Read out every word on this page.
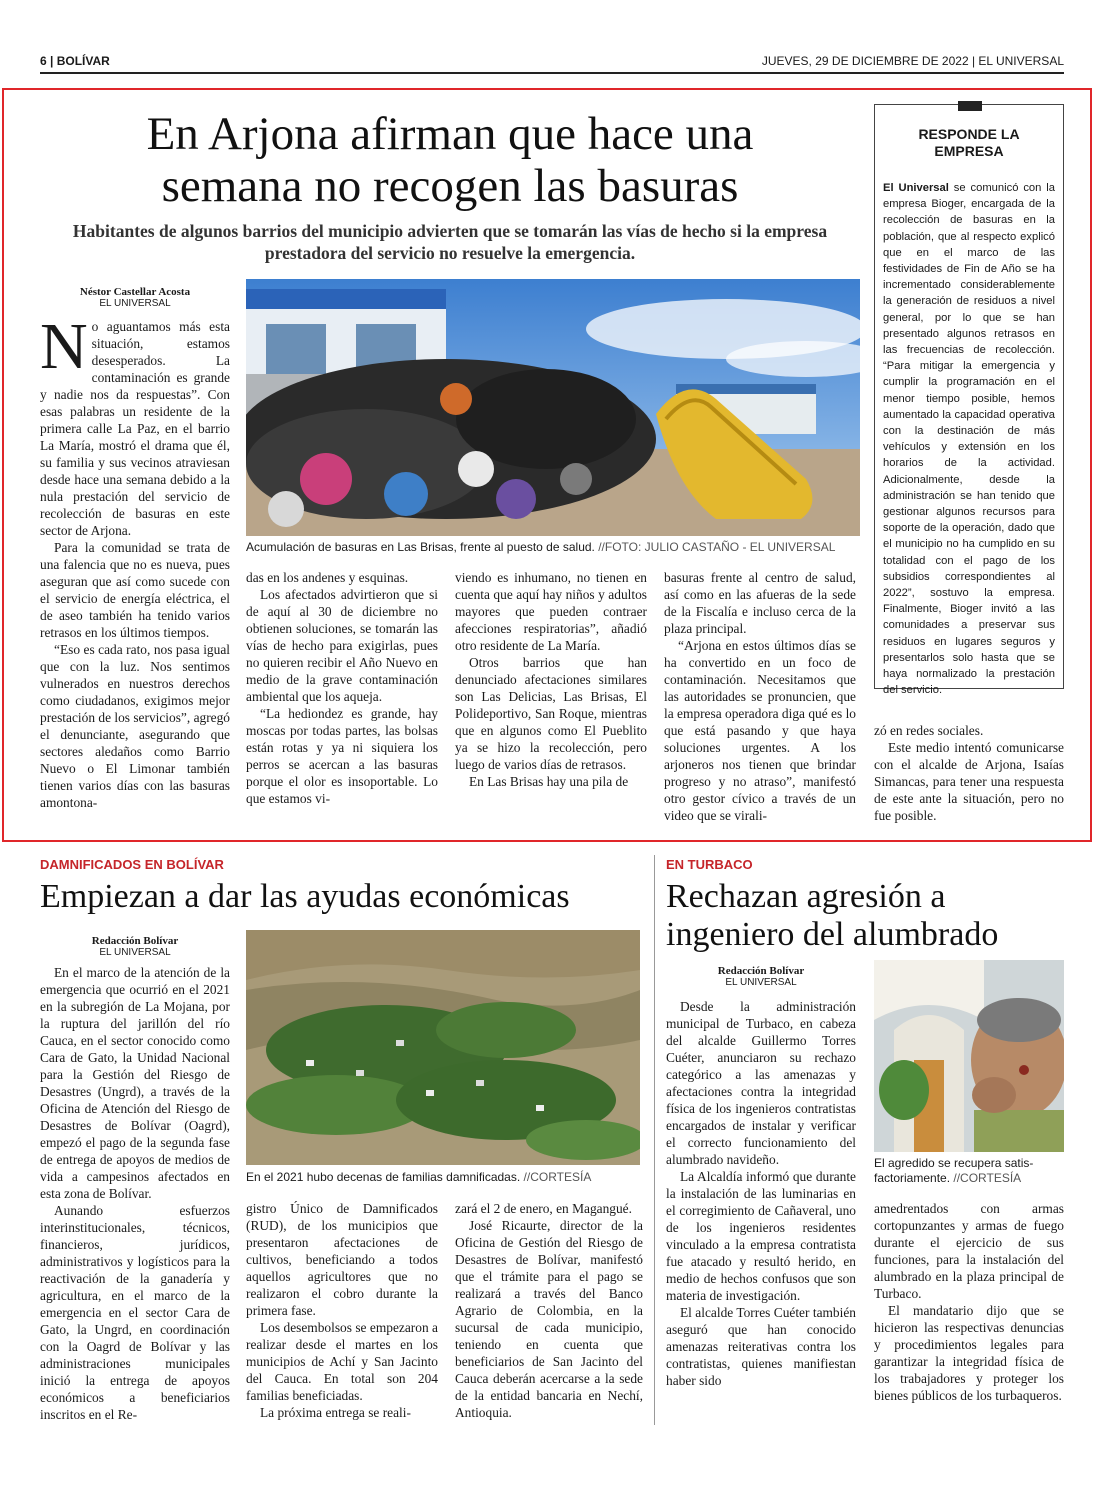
6 | BOLÍVAR	JUEVES, 29 DE DICIEMBRE DE 2022 | EL UNIVERSAL
En Arjona afirman que hace una
semana no recogen las basuras
Habitantes de algunos barrios del municipio advierten que se tomarán las vías de hecho si la empresa prestadora del servicio no resuelve la emergencia.
Néstor Castellar Acosta
EL UNIVERSAL
N o aguantamos más esta situación, estamos desesperados. La contaminación es grande y nadie nos da respuestas”. Con esas palabras un residente de la primera calle La Paz, en el barrio La María, mostró el drama que él, su familia y sus vecinos atraviesan desde hace una semana debido a la nula prestación del servicio de recolección de basuras en este sector de Arjona.

Para la comunidad se trata de una falencia que no es nueva, pues aseguran que así como sucede con el servicio de energía eléctrica, el de aseo también ha tenido varios retrasos en los últimos tiempos.

“Eso es cada rato, nos pasa igual que con la luz. Nos sentimos vulnerados en nuestros derechos como ciudadanos, exigimos mejor prestación de los servicios”, agregó el denunciante, asegurando que sectores aledaños como Barrio Nuevo o El Limonar también tienen varios días con las basuras amontona-

Acumulación de basuras en Las Brisas, frente al puesto de salud. //FOTO: JULIO CASTAÑO - EL UNIVERSAL

das en los andenes y esquinas.

Los afectados advirtieron que si de aquí al 30 de diciembre no obtienen soluciones, se tomarán las vías de hecho para exigirlas, pues no quieren recibir el Año Nuevo en medio de la grave contaminación ambiental que los aqueja.

“La hediondez es grande, hay moscas por todas partes, las bolsas están rotas y ya ni siquiera los perros se acercan a las basuras porque el olor es insoportable. Lo que estamos vi-

viendo es inhumano, no tienen en cuenta que aquí hay niños y adultos mayores que pueden contraer afecciones respiratorias”, añadió otro residente de La María.

Otros barrios que han denunciado afectaciones similares son Las Delicias, Las Brisas, El Polideportivo, San Roque, mientras que en algunos como El Pueblito ya se hizo la recolección, pero luego de varios días de retrasos.

En Las Brisas hay una pila de

basuras frente al centro de salud, así como en las afueras de la sede de la Fiscalía e incluso cerca de la plaza principal.

“Arjona en estos últimos días se ha convertido en un foco de contaminación. Necesitamos que las autoridades se pronuncien, que la empresa operadora diga qué es lo que está pasando y que haya soluciones urgentes. A los arjoneros nos tienen que brindar progreso y no atraso”, manifestó otro gestor cívico a través de un video que se virali-

zó en redes sociales.

Este medio intentó comunicarse con el alcalde de Arjona, Isaías Simancas, para tener una respuesta de este ante la situación, pero no fue posible.

RESPONDE LA
EMPRESA
El Universal se comunicó con la empresa Bioger, encargada de la recolección de basuras en la población, que al respecto explicó que en el marco de las festividades de Fin de Año se ha incrementado considerablemente la generación de residuos a nivel general, por lo que se han presentado algunos retrasos en las frecuencias de recolección. “Para mitigar la emergencia y cumplir la programación en el menor tiempo posible, hemos aumentado la capacidad operativa con la destinación de más vehículos y extensión en los horarios de la actividad. Adicionalmente, desde la administración se han tenido que gestionar algunos recursos para soporte de la operación, dado que el municipio no ha cumplido en su totalidad con el pago de los subsidios correspondientes al 2022”, sostuvo la empresa. Finalmente, Bioger invitó a las comunidades a preservar sus residuos en lugares seguros y presentarlos solo hasta que se haya normalizado la prestación del servicio.
DAMNIFICADOS EN BOLÍVAR
Empiezan a dar las ayudas económicas
Redacción Bolívar
EL UNIVERSAL

En el marco de la atención de la emergencia que ocurrió en el 2021 en la subregión de La Mojana, por la ruptura del jarillón del río Cauca, en el sector conocido como Cara de Gato, la Unidad Nacional para la Gestión del Riesgo de Desastres (Ungrd), a través de la Oficina de Atención del Riesgo de Desastres de Bolívar (Oagrd), empezó el pago de la segunda fase de entrega de apoyos de medios de vida a campesinos afectados en esta zona de Bolívar.

Aunando esfuerzos interinstitucionales, técnicos, financieros, jurídicos, administrativos y logísticos para la reactivación de la ganadería y agricultura, en el marco de la emergencia en el sector Cara de Gato, la Ungrd, en coordinación con la Oagrd de Bolívar y las administraciones municipales inició la entrega de apoyos económicos a beneficiarios inscritos en el Re-

En el 2021 hubo decenas de familias damnificadas. //CORTESÍA

gistro Único de Damnificados (RUD), de los municipios que presentaron afectaciones de cultivos, beneficiando a todos aquellos agricultores que no realizaron el cobro durante la primera fase.

Los desembolsos se empezaron a realizar desde el martes en los municipios de Achí y San Jacinto del Cauca. En total son 204 familias beneficiadas.

La próxima entrega se reali-

zará el 2 de enero, en Magangué.

José Ricaurte, director de la Oficina de Gestión del Riesgo de Desastres de Bolívar, manifestó que el trámite para el pago se realizará a través del Banco Agrario de Colombia, en la sucursal de cada municipio, teniendo en cuenta que beneficiarios de San Jacinto del Cauca deberán acercarse a la sede de la entidad bancaria en Nechí, Antioquia.

EN TURBACO
Rechazan agresión a
ingeniero del alumbrado
Redacción Bolívar
EL UNIVERSAL

Desde la administración municipal de Turbaco, en cabeza del alcalde Guillermo Torres Cuéter, anunciaron su rechazo categórico a las amenazas y afectaciones contra la integridad física de los ingenieros contratistas encargados de instalar y verificar el correcto funcionamiento del alumbrado navideño.

La Alcaldía informó que durante la instalación de las luminarias en el corregimiento de Cañaveral, uno de los ingenieros residentes vinculado a la empresa contratista fue atacado y resultó herido, en medio de hechos confusos que son materia de investigación.

El alcalde Torres Cuéter también aseguró que han conocido amenazas reiterativas contra los contratistas, quienes manifiestan haber sido

El agredido se recupera satis-
factoriamente. //CORTESÍA

amedrentados con armas cortopunzantes y armas de fuego durante el ejercicio de sus funciones, para la instalación del alumbrado en la plaza principal de Turbaco.

El mandatario dijo que se hicieron las respectivas denuncias y procedimientos legales para garantizar la integridad física de los trabajadores y proteger los bienes públicos de los turbaqueros.
